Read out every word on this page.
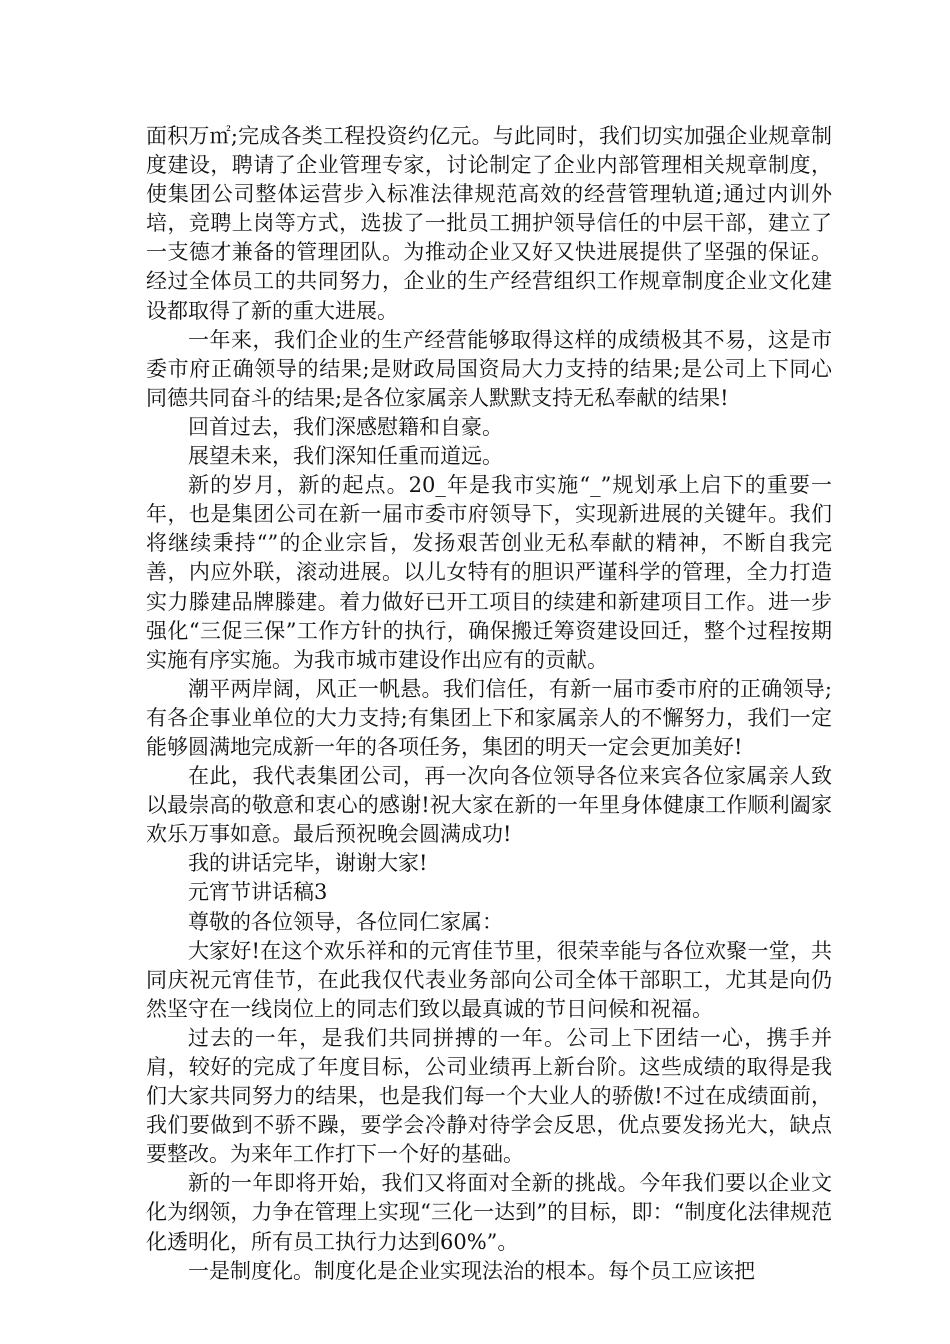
面积万㎡;完成各类工程投资约亿元。与此同时，我们切实加强企业规章制度建设，聘请了企业管理专家，讨论制定了企业内部管理相关规章制度，使集团公司整体运营步入标准法律规范高效的经营管理轨道;通过内训外培，竞聘上岗等方式，选拔了一批员工拥护领导信任的中层干部，建立了一支德才兼备的管理团队。为推动企业又好又快进展提供了坚强的保证。经过全体员工的共同努力，企业的生产经营组织工作规章制度企业文化建设都取得了新的重大进展。

一年来，我们企业的生产经营能够取得这样的成绩极其不易，这是市委市府正确领导的结果;是财政局国资局大力支持的结果;是公司上下同心同德共同奋斗的结果;是各位家属亲人默默支持无私奉献的结果!

回首过去，我们深感慰籍和自豪。

展望未来，我们深知任重而道远。

新的岁月，新的起点。20_年是我市实施“_”规划承上启下的重要一年，也是集团公司在新一届市委市府领导下，实现新进展的关键年。我们将继续秉持“”的企业宗旨，发扬艰苦创业无私奉献的精神，不断自我完善，内应外联，滚动进展。以儿女特有的胆识严谨科学的管理，全力打造实力滕建品牌滕建。着力做好已开工项目的续建和新建项目工作。进一步强化“三促三保”工作方针的执行，确保搬迁筹资建设回迁，整个过程按期实施有序实施。为我市城市建设作出应有的贡献。

潮平两岸阔，风正一帆悬。我们信任，有新一届市委市府的正确领导;有各企事业单位的大力支持;有集团上下和家属亲人的不懈努力，我们一定能够圆满地完成新一年的各项任务，集团的明天一定会更加美好!

在此，我代表集团公司，再一次向各位领导各位来宾各位家属亲人致以最崇高的敬意和衷心的感谢!祝大家在新的一年里身体健康工作顺利阖家欢乐万事如意。最后预祝晚会圆满成功!

我的讲话完毕，谢谢大家!

元宵节讲话稿3

尊敬的各位领导，各位同仁家属：

大家好!在这个欢乐祥和的元宵佳节里，很荣幸能与各位欢聚一堂，共同庆祝元宵佳节，在此我仅代表业务部向公司全体干部职工，尤其是向仍然坚守在一线岗位上的同志们致以最真诚的节日问候和祝福。

过去的一年，是我们共同拼搏的一年。公司上下团结一心，携手并肩，较好的完成了年度目标，公司业绩再上新台阶。这些成绩的取得是我们大家共同努力的结果，也是我们每一个大业人的骄傲!不过在成绩面前，我们要做到不骄不躁，要学会冷静对待学会反思，优点要发扬光大，缺点要整改。为来年工作打下一个好的基础。

新的一年即将开始，我们又将面对全新的挑战。今年我们要以企业文化为纲领，力争在管理上实现“三化一达到”的目标，即：“制度化法律规范化透明化，所有员工执行力达到60%”。

一是制度化。制度化是企业实现法治的根本。每个员工应该把
